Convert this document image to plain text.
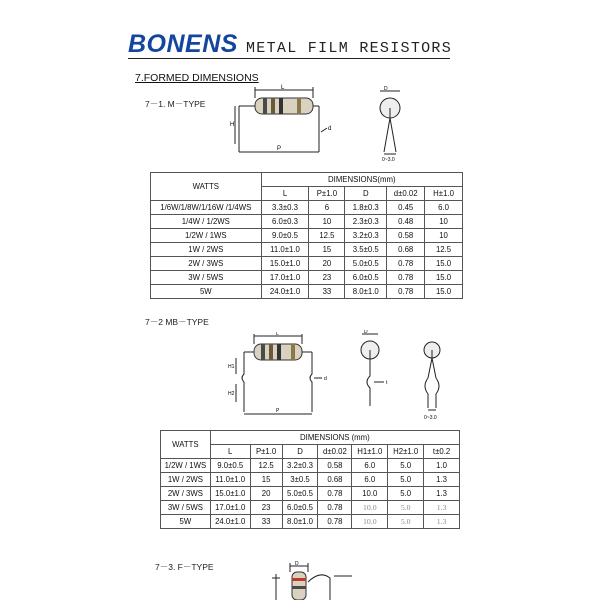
BONENS METAL FILM RESISTORS
7.FORMED DIMENSIONS
7－1. M－TYPE
L
H
P
d
D
0~3.0
WATTS	DIMENSIONS(mm)				
	L	P±1.0	D	d±0.02	H±1.0
1/6W/1/8W/1/16W /1/4WS	3.3±0.3	6	1.8±0.3	0.45	6.0
1/4W / 1/2WS	6.0±0.3	10	2.3±0.3	0.48	10
1/2W / 1WS	9.0±0.5	12.5	3.2±0.3	0.58	10
1W / 2WS	11.0±1.0	15	3.5±0.5	0.68	12.5
2W / 3WS	15.0±1.0	20	5.0±0.5	0.78	15.0
3W / 5WS	17.0±1.0	23	6.0±0.5	0.78	15.0
5W	24.0±1.0	33	8.0±1.0	0.78	15.0
7－2 MB－TYPE
L
H1
H2
P
d
D
t
0~3.0
WATTS	DIMENSIONS (mm)						
	L	P±1.0	D	d±0.02	H1±1.0	H2±1.0	t±0.2
1/2W / 1WS	9.0±0.5	12.5	3.2±0.3	0.58	6.0	5.0	1.0
1W / 2WS	11.0±1.0	15	3±0.5	0.68	6.0	5.0	1.3
2W / 3WS	15.0±1.0	20	5.0±0.5	0.78	10.0	5.0	1.3
3W / 5WS	17.0±1.0	23	6.0±0.5	0.78	10.0	5.0	1.3
5W	24.0±1.0	33	8.0±1.0	0.78	10.0	5.0	1.3
7－3. F－TYPE	D
